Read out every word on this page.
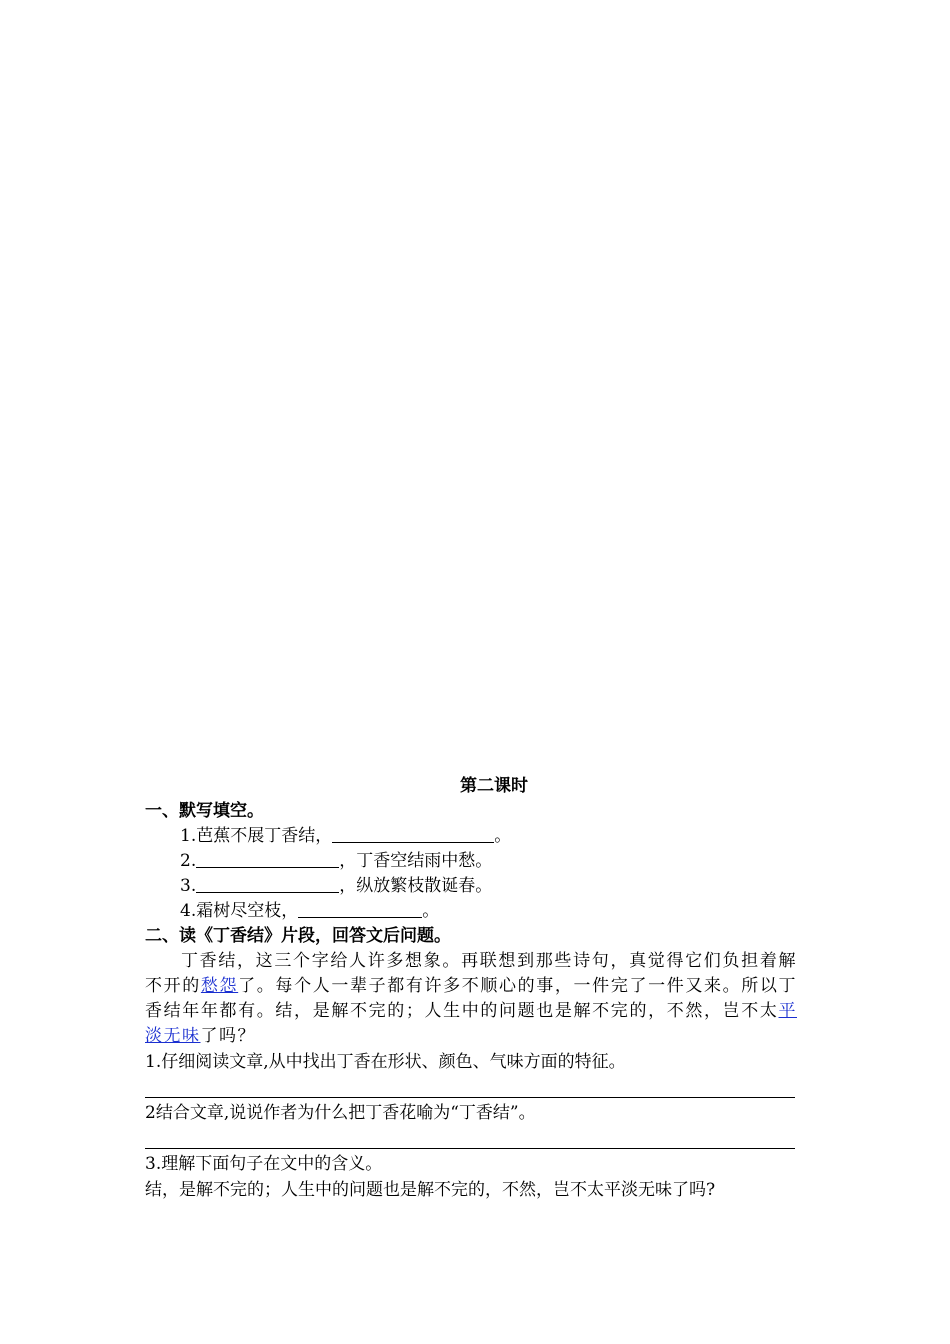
第二课时
一、默写填空。
1.芭蕉不展丁香结，	。
2.	，丁香空结雨中愁。
3.	，纵放繁枝散诞春。
4.霜树尽空枝，	。
二、读《丁香结》片段，回答文后问题。
丁香结，这三个字给人许多想象。再联想到那些诗句，真觉得它们负担着解不开的愁怨了。每个人一辈子都有许多不顺心的事，一件完了一件又来。所以丁香结年年都有。结，是解不完的；人生中的问题也是解不完的，不然，岂不太平淡无味了吗？
1.仔细阅读文章,从中找出丁香在形状、颜色、气味方面的特征。
2结合文章,说说作者为什么把丁香花喻为“丁香结”。
3.理解下面句子在文中的含义。
结，是解不完的；人生中的问题也是解不完的，不然，岂不太平淡无味了吗?
